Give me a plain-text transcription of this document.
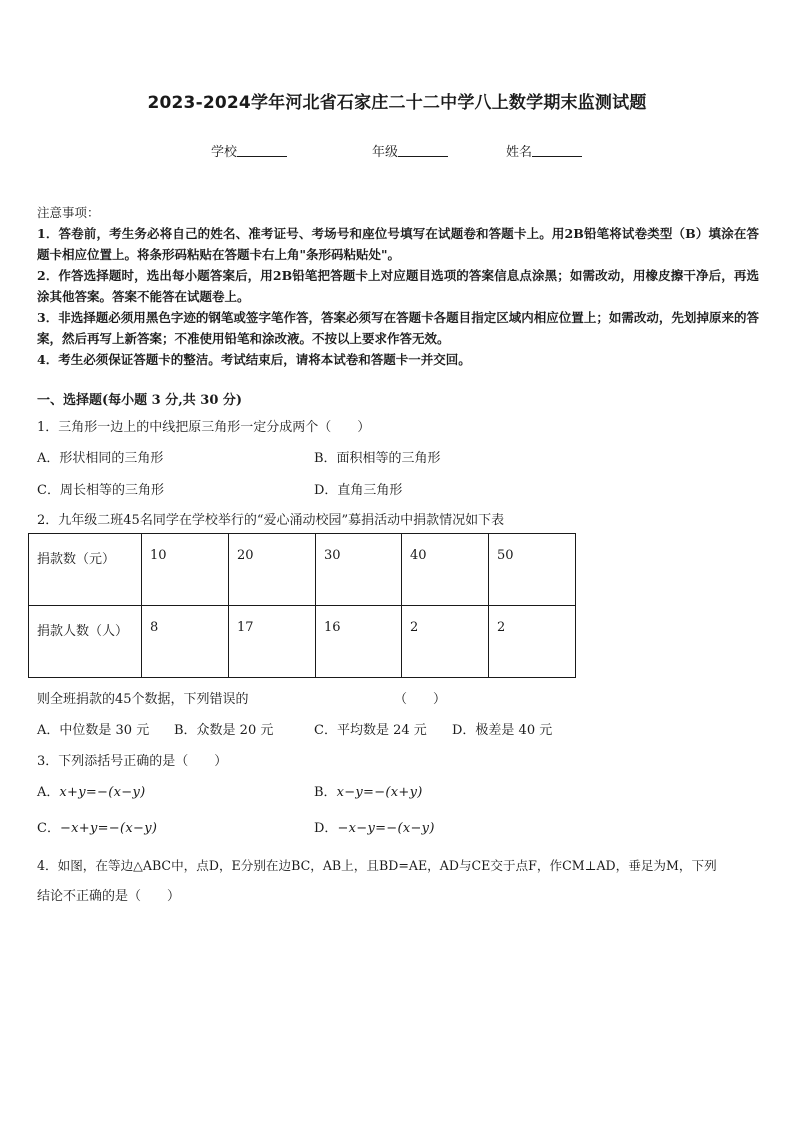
2023-2024学年河北省石家庄二十二中学八上数学期末监测试题
学校	年级	姓名

注意事项：

1．答卷前，考生务必将自己的姓名、准考证号、考场号和座位号填写在试题卷和答题卡上。用2B铅笔将试卷类型（B）填涂在答题卡相应位置上。将条形码粘贴在答题卡右上角"条形码粘贴处"。

2．作答选择题时，选出每小题答案后，用2B铅笔把答题卡上对应题目选项的答案信息点涂黑；如需改动，用橡皮擦干净后，再选涂其他答案。答案不能答在试题卷上。

3．非选择题必须用黑色字迹的钢笔或签字笔作答，答案必须写在答题卡各题目指定区域内相应位置上；如需改动，先划掉原来的答案，然后再写上新答案；不准使用铅笔和涂改液。不按以上要求作答无效。

4．考生必须保证答题卡的整洁。考试结束后，请将本试卷和答题卡一并交回。

一、选择题(每小题 3 分,共 30 分)
1．三角形一边上的中线把原三角形一定分成两个（　　）
A．形状相同的三角形	B．面积相等的三角形
C．周长相等的三角形	D．直角三角形
2．九年级二班45名同学在学校举行的“爱心涌动校园”募捐活动中捐款情况如下表
捐款数（元）	10	20	30	40	50
捐款人数（人）	8	17	16	2	2
则全班捐款的45个数据，下列错误的	（　　）
A．中位数是 30 元 B．众数是 20 元	C．平均数是 24 元 D．极差是 40 元
3．下列添括号正确的是（　　）
A．x+y=−(x−y)	B．x−y=−(x+y)
C．−x+y=−(x−y)	D．−x−y=−(x−y)
4．如图，在等边△ABC中，点D，E分别在边BC，AB上，且BD=AE，AD与CE交于点F，作CM⊥AD，垂足为M，下列
结论不正确的是（　　）
